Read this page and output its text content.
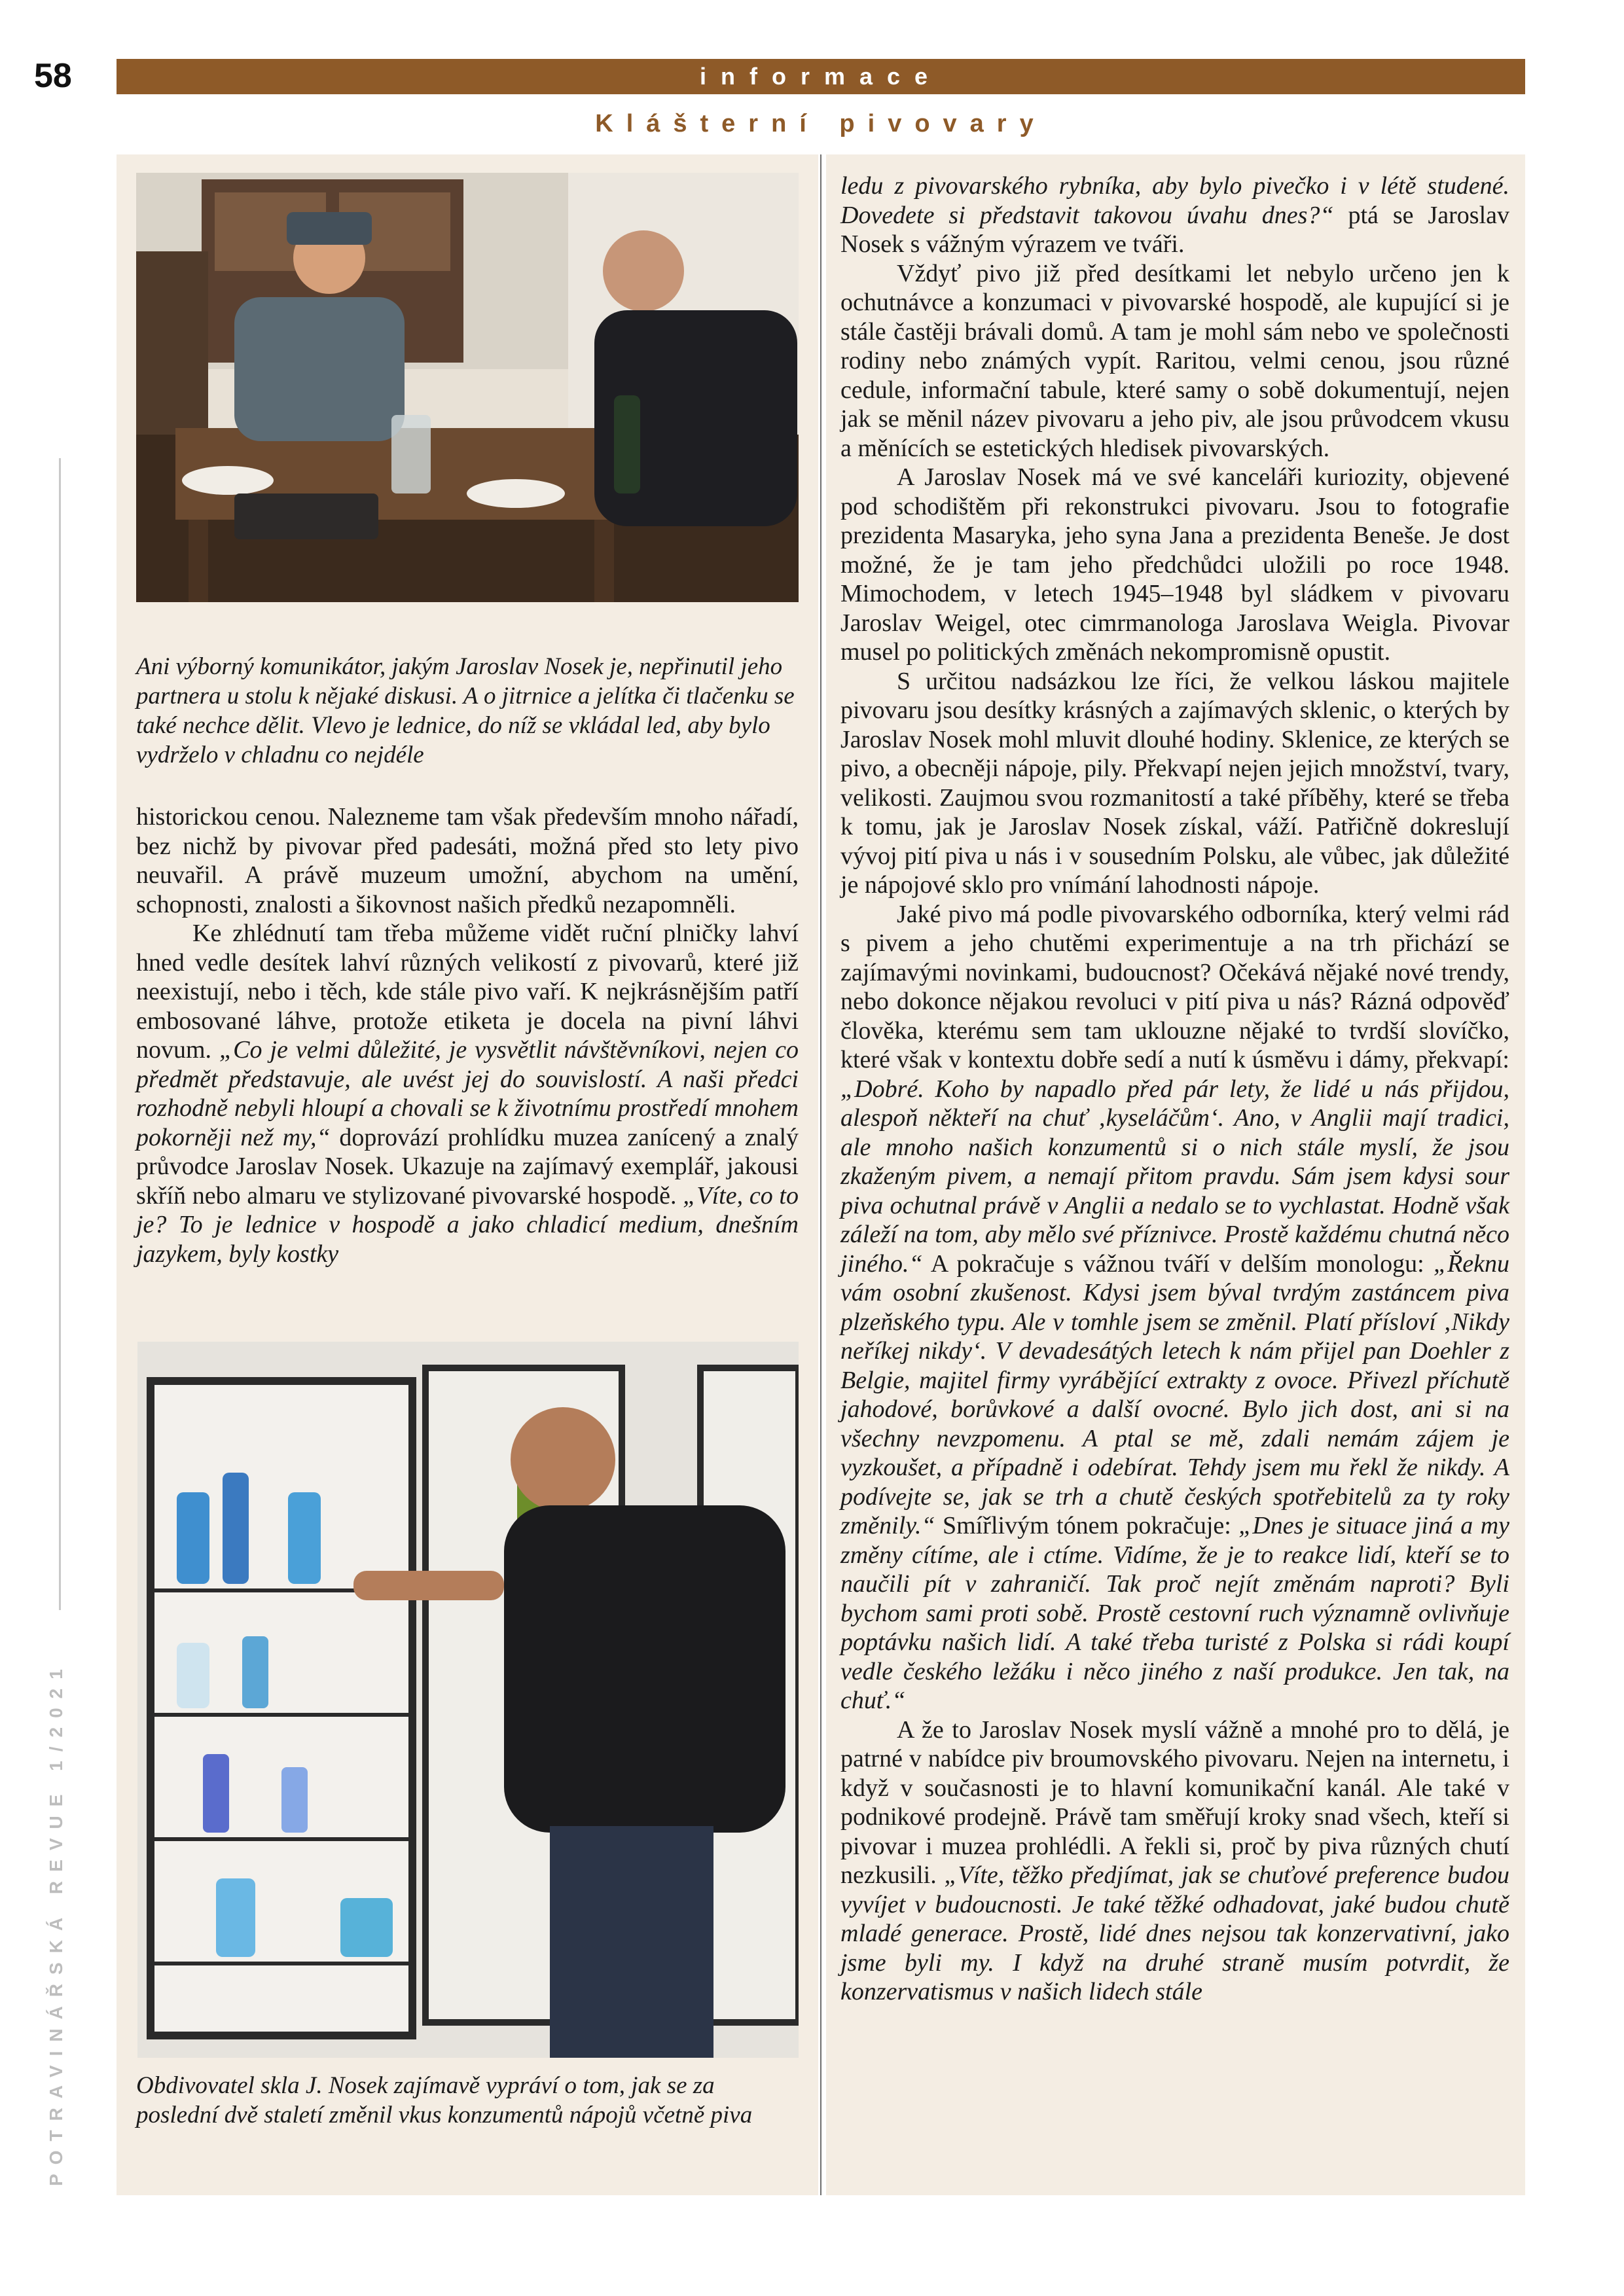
58	informace
Klášterní pivovary
POTRAVINÁŘSKÁ REVUE 1/2021
Ani výborný komunikátor, jakým Jaroslav Nosek je, nepřinutil jeho partnera u stolu k nějaké diskusi. A o jitrnice a jelítka či tlačenku se také nechce dělit. Vlevo je lednice, do níž se vkládal led, aby bylo vydrželo v chladnu co nejdéle

historickou cenou. Nalezneme tam však především mnoho nářadí, bez nichž by pivovar před padesáti, možná před sto lety pivo neuvařil. A právě muzeum umožní, abychom na umění, schopnosti, znalosti a šikovnost našich předků nezapomněli.

Ke zhlédnutí tam třeba můžeme vidět ruční plničky lahví hned vedle desítek lahví různých velikostí z pivovarů, které již neexistují, nebo i těch, kde stále pivo vaří. K nejkrásnějším patří embosované láhve, protože etiketa je docela na pivní láhvi novum. „Co je velmi důležité, je vysvětlit návštěvníkovi, nejen co předmět představuje, ale uvést jej do souvislostí. A naši předci rozhodně nebyli hloupí a chovali se k životnímu prostředí mnohem pokorněji než my,“ doprovází prohlídku muzea zanícený a znalý průvodce Jaroslav Nosek. Ukazuje na zajímavý exemplář, jakousi skříň nebo almaru ve stylizované pivovarské hospodě. „Víte, co to je? To je lednice v hospodě a jako chladicí medium, dnešním jazykem, byly kostky

Obdivovatel skla J. Nosek zajímavě vypráví o tom, jak se za poslední dvě staletí změnil vkus konzumentů nápojů včetně piva

ledu z pivovarského rybníka, aby bylo pivečko i v létě studené. Dovedete si představit takovou úvahu dnes?“ ptá se Jaroslav Nosek s vážným výrazem ve tváři.

Vždyť pivo již před desítkami let nebylo určeno jen k ochutnávce a konzumaci v pivovarské hospodě, ale kupující si je stále častěji brávali domů. A tam je mohl sám nebo ve společnosti rodiny nebo známých vypít. Raritou, velmi cenou, jsou různé cedule, informační tabule, které samy o sobě dokumentují, nejen jak se měnil název pivovaru a jeho piv, ale jsou průvodcem vkusu a měnících se estetických hledisek pivovarských.

A Jaroslav Nosek má ve své kanceláři kuriozity, objevené pod schodištěm při rekonstrukci pivovaru. Jsou to fotografie prezidenta Masaryka, jeho syna Jana a prezidenta Beneše. Je dost možné, že je tam jeho předchůdci uložili po roce 1948. Mimochodem, v letech 1945–1948 byl sládkem v pivovaru Jaroslav Weigel, otec cimrmanologa Jaroslava Weigla. Pivovar musel po politických změnách nekompromisně opustit.

S určitou nadsázkou lze říci, že velkou láskou majitele pivovaru jsou desítky krásných a zajímavých sklenic, o kterých by Jaroslav Nosek mohl mluvit dlouhé hodiny. Sklenice, ze kterých se pivo, a obecněji nápoje, pily. Překvapí nejen jejich množství, tvary, velikosti. Zaujmou svou rozmanitostí a také příběhy, které se třeba k tomu, jak je Jaroslav Nosek získal, váží. Patřičně dokreslují vývoj pití piva u nás i v sousedním Polsku, ale vůbec, jak důležité je nápojové sklo pro vnímání lahodnosti nápoje.

Jaké pivo má podle pivovarského odborníka, který velmi rád s pivem a jeho chutěmi experimentuje a na trh přichází se zajímavými novinkami, budoucnost? Očekává nějaké nové trendy, nebo dokonce nějakou revoluci v pití piva u nás? Rázná odpověď člověka, kterému sem tam uklouzne nějaké to tvrdší slovíčko, které však v kontextu dobře sedí a nutí k úsměvu i dámy, překvapí: „Dobré. Koho by napadlo před pár lety, že lidé u nás přijdou, alespoň někteří na chuť ‚kyseláčům‘. Ano, v Anglii mají tradici, ale mnoho našich konzumentů si o nich stále myslí, že jsou zkaženým pivem, a nemají přitom pravdu. Sám jsem kdysi sour piva ochutnal právě v Anglii a nedalo se to vychlastat. Hodně však záleží na tom, aby mělo své příznivce. Prostě každému chutná něco jiného.“ A pokračuje s vážnou tváří v delším monologu: „Řeknu vám osobní zkušenost. Kdysi jsem býval tvrdým zastáncem piva plzeňského typu. Ale v tomhle jsem se změnil. Platí přísloví ‚Nikdy neříkej nikdy‘. V devadesátých letech k nám přijel pan Doehler z Belgie, majitel firmy vyrábějící extrakty z ovoce. Přivezl příchutě jahodové, borůvkové a další ovocné. Bylo jich dost, ani si na všechny nevzpomenu. A ptal se mě, zdali nemám zájem je vyzkoušet, a případně i odebírat. Tehdy jsem mu řekl že nikdy. A podívejte se, jak se trh a chutě českých spotřebitelů za ty roky změnily.“ Smířlivým tónem pokračuje: „Dnes je situace jiná a my změny cítíme, ale i ctíme. Vidíme, že je to reakce lidí, kteří se to naučili pít v zahraničí. Tak proč nejít změnám naproti? Byli bychom sami proti sobě. Prostě cestovní ruch významně ovlivňuje poptávku našich lidí. A také třeba turisté z Polska si rádi koupí vedle českého ležáku i něco jiného z naší produkce. Jen tak, na chuť.“

A že to Jaroslav Nosek myslí vážně a mnohé pro to dělá, je patrné v nabídce piv broumovského pivovaru. Nejen na internetu, i když v současnosti je to hlavní komunikační kanál. Ale také v podnikové prodejně. Právě tam směřují kroky snad všech, kteří si pivovar i muzea prohlédli. A řekli si, proč by piva různých chutí nezkusili. „Víte, těžko předjímat, jak se chuťové preference budou vyvíjet v budoucnosti. Je také těžké odhadovat, jaké budou chutě mladé generace. Prostě, lidé dnes nejsou tak konzervativní, jako jsme byli my. I když na druhé straně musím potvrdit, že konzervatismus v našich lidech stále
